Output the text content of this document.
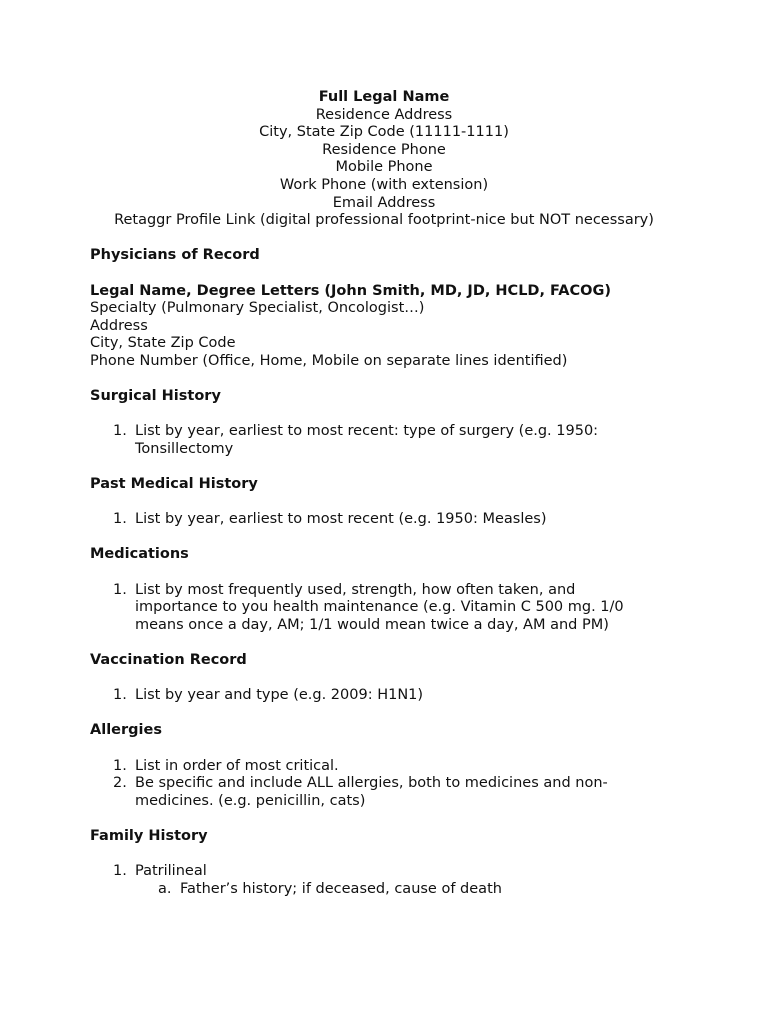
Full Legal Name
Residence Address
City, State Zip Code (11111-1111)
Residence Phone
Mobile Phone
Work Phone (with extension)
Email Address
Retaggr Profile Link (digital professional footprint-nice but NOT necessary)
Physicians of Record
Legal Name, Degree Letters (John Smith, MD, JD, HCLD, FACOG)
Specialty (Pulmonary Specialist, Oncologist…)
Address
City, State Zip Code
Phone Number (Office, Home, Mobile on separate lines identified)
Surgical History
1. List by year, earliest to most recent: type of surgery (e.g. 1950: Tonsillectomy
Past Medical History
1. List by year, earliest to most recent (e.g. 1950: Measles)
Medications
1. List by most frequently used, strength, how often taken, and importance to you health maintenance (e.g. Vitamin C 500 mg. 1/0 means once a day, AM; 1/1 would mean twice a day, AM and PM)
Vaccination Record
1. List by year and type (e.g. 2009: H1N1)
Allergies
1. List in order of most critical.
2. Be specific and include ALL allergies, both to medicines and non-medicines. (e.g. penicillin, cats)
Family History
1. Patrilineal
a. Father’s history; if deceased, cause of death
